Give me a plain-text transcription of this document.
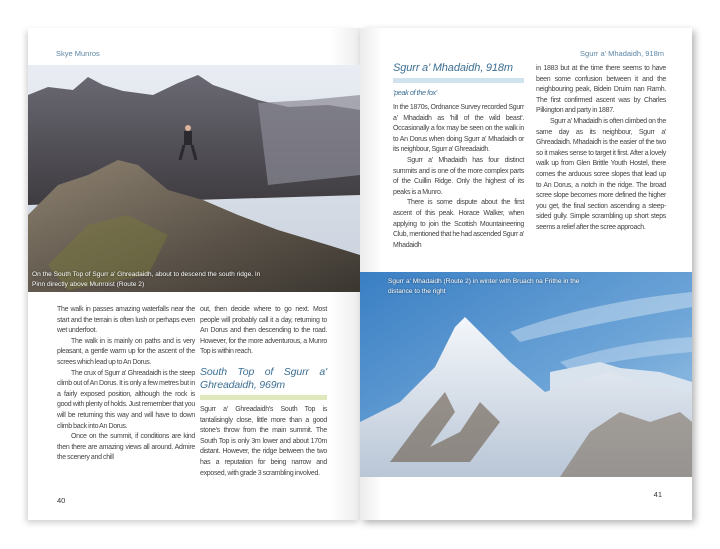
Skye Munros
On the South Top of Sgurr a' Ghreadaidh, about to descend the south ridge. In Pinn directly above Munroist (Route 2)

The walk in passes amazing waterfalls near the start and the terrain is often lush or perhaps even wet underfoot.

The walk in is mainly on paths and is very pleasant, a gentle warm up for the ascent of the screes which lead up to An Dorus.

The crux of Sgurr a' Ghreadaidh is the steep climb out of An Dorus. It is only a few metres but in a fairly exposed position, although the rock is good with plenty of holds. Just remember that you will be returning this way and will have to down climb back into An Dorus.

Once on the summit, if conditions are kind then there are amazing views all around. Admire the scenery and chill

out, then decide where to go next. Most people will probably call it a day, returning to An Dorus and then descending to the road. However, for the more adventurous, a Munro Top is within reach.

South Top of Sgurr a' Ghreadaidh, 969m

Sgurr a' Ghreadaidh's South Top is tantalisingly close, little more than a good stone's throw from the main summit. The South Top is only 3m lower and about 170m distant. However, the ridge between the two has a reputation for being narrow and exposed, with grade 3 scrambling involved.

40
Sgurr a' Mhadaidh, 918m
Sgurr a' Mhadaidh, 918m
'peak of the fox'

In the 1870s, Ordnance Survey recorded Sgurr a' Mhadaidh as 'hill of the wild beast'. Occasionally a fox may be seen on the walk in to An Dorus when doing Sgurr a' Mhadaidh or its neighbour, Sgurr a' Ghreadaidh.

Sgurr a' Mhadaidh has four distinct summits and is one of the more complex parts of the Cuillin Ridge. Only the highest of its peaks is a Munro.

There is some dispute about the first ascent of this peak. Horace Walker, when applying to join the Scottish Mountaineering Club, mentioned that he had ascended Sgurr a' Mhadaidh

in 1883 but at the time there seems to have been some confusion between it and the neighbouring peak, Bidein Druim nan Ramh. The first confirmed ascent was by Charles Pilkington and party in 1887.

Sgurr a' Mhadaidh is often climbed on the same day as its neighbour, Sgurr a' Ghreadaidh. Mhadaidh is the easier of the two so it makes sense to target it first. After a lovely walk up from Glen Brittle Youth Hostel, there comes the arduous scree slopes that lead up to An Dorus, a notch in the ridge. The broad scree slope becomes more defined the higher you get, the final section ascending a steep-sided gully. Simple scrambling up short steps seems a relief after the scree approach.

Sgurr a' Mhadaidh (Route 2) in winter with Bruach na Frithe in the distance to the right
41
